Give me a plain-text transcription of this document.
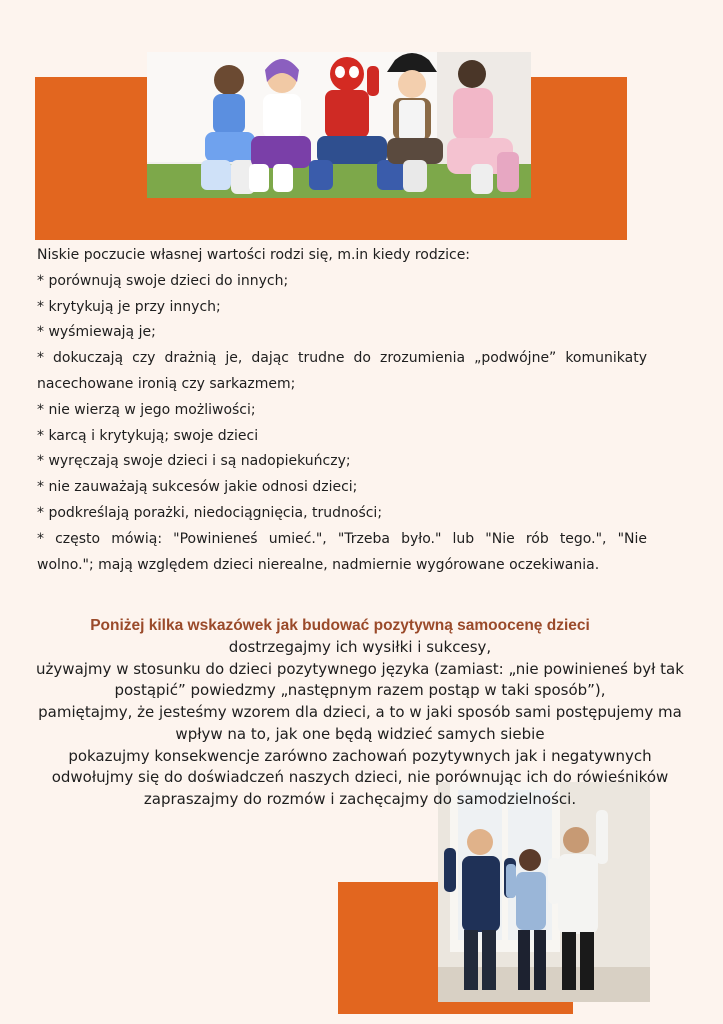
Niskie poczucie własnej wartości rodzi się, m.in kiedy rodzice:

* porównują swoje dzieci do innych;

* krytykują je przy innych;

* wyśmiewają je;

* dokuczają czy drażnią je, dając trudne do zrozumienia „podwójne” komunikaty

nacechowane ironią czy sarkazmem;

* nie wierzą w jego możliwości;

* karcą i krytykują; swoje dzieci

* wyręczają swoje dzieci i są nadopiekuńczy;

* nie zauważają sukcesów jakie odnosi dzieci;

* podkreślają porażki, niedociągnięcia, trudności;

* często mówią: "Powinieneś umieć.", "Trzeba było." lub "Nie rób tego.", "Nie

wolno."; mają względem dzieci nierealne, nadmiernie wygórowane oczekiwania.

Poniżej kilka wskazówek jak budować pozytywną samoocenę dzieci

dostrzegajmy ich wysiłki i sukcesy,

używajmy w stosunku do dzieci pozytywnego języka (zamiast: „nie powinieneś był tak

postąpić” powiedzmy „następnym razem postąp w taki sposób”),

pamiętajmy, że jesteśmy wzorem dla dzieci, a to w jaki sposób sami postępujemy ma

wpływ na to, jak one będą widzieć samych siebie

pokazujmy konsekwencje zarówno zachowań pozytywnych jak i negatywnych

odwołujmy się do doświadczeń naszych dzieci, nie porównując ich do rówieśników

zapraszajmy do rozmów i zachęcajmy do samodzielności.
